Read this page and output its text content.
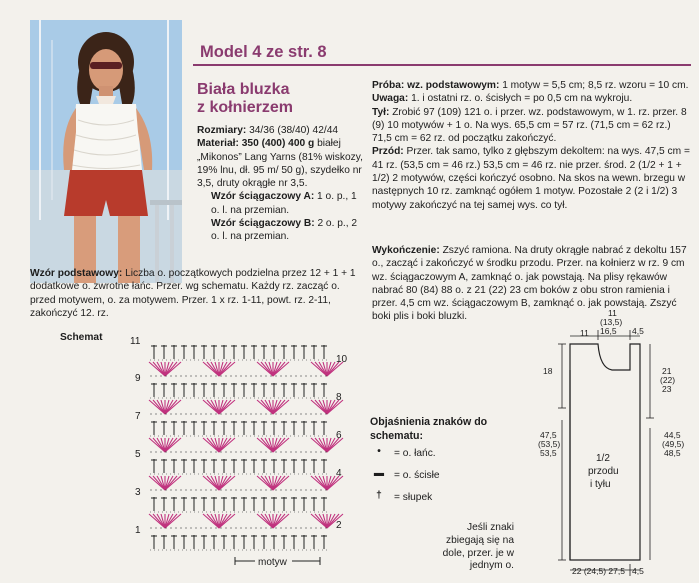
Model 4 ze str. 8
Biała bluzka
z kołnierzem

Rozmiary: 34/36 (38/40) 42/44

Materiał: 350 (400) 400 g białej „Mikonos” Lang Yarns (81% wiskozy, 19% lnu, dł. 95 m/ 50 g), szydełko nr 3,5, druty okrągłe nr 3,5.

Wzór ściągaczowy A: 1 o. p., 1 o. l. na przemian.

Wzór ściągaczowy B: 2 o. p., 2 o. l. na przemian.

Wzór podstawowy: Liczba o. początkowych podzielna przez 12 + 1 + 1 dodatkowe o. zwrotne łańc. Przer. wg schematu. Każdy rz. zacząć o. przed motywem, o. za motywem. Przer. 1 x rz. 1-11, powt. rz. 2-11, zakończyć 12. rz.

Próba: wz. podstawowym: 1 motyw = 5,5 cm; 8,5 rz. wzoru = 10 cm. Uwaga: 1. i ostatni rz. o. ścisłych = po 0,5 cm na wykroju.

Tył: Zrobić 97 (109) 121 o. i przer. wz. podstawowym, w 1. rz. przer. 8 (9) 10 motywów + 1 o. Na wys. 65,5 cm = 57 rz. (71,5 cm = 62 rz.) 71,5 cm = 62 rz. od początku zakończyć.

Przód: Przer. tak samo, tylko z głębszym dekoltem: na wys. 47,5 cm = 41 rz. (53,5 cm = 46 rz.) 53,5 cm = 46 rz. nie przer. środ. 2 (1/2 + 1 + 1/2) 2 motywów, części kończyć osobno. Na skos na wewn. brzegu w następnych 10 rz. zamknąć ogółem 1 motyw. Pozostałe 2 (2 i 1/2) 3 motywy zakończyć na tej samej wys. co tył.

Wykończenie: Zszyć ramiona. Na druty okrągłe nabrać z dekoltu 157 o., zacząć i zakończyć w środku przodu. Przer. na kołnierz w rz. 9 cm wz. ściągaczowym A, zamknąć o. jak powstają. Na plisy rękawów nabrać 80 (84) 88 o. z 21 (22) 23 cm boków z obu stron ramienia i przer. 4,5 cm wz. ściągaczowym B, zamknąć o. jak powstają. Zszyć boki plis i boki bluzki.

Objaśnienia znaków do schematu:
•	= o. łańc.
▬ = o. ścisłe
†	= słupek
Jeśli znaki zbiegają się na dole, przer. je w jednym o.
Schemat	11
9
7
5
3
1
10
8
6
4
2
motyw
11
11
(13,5)
16,5 4,5
18	21
(22)
23
47,5
(53,5)
53,5	1/2
przodu
i tyłu
44,5
(49,5)
48,5
22 (24,5) 27,5 4,5
